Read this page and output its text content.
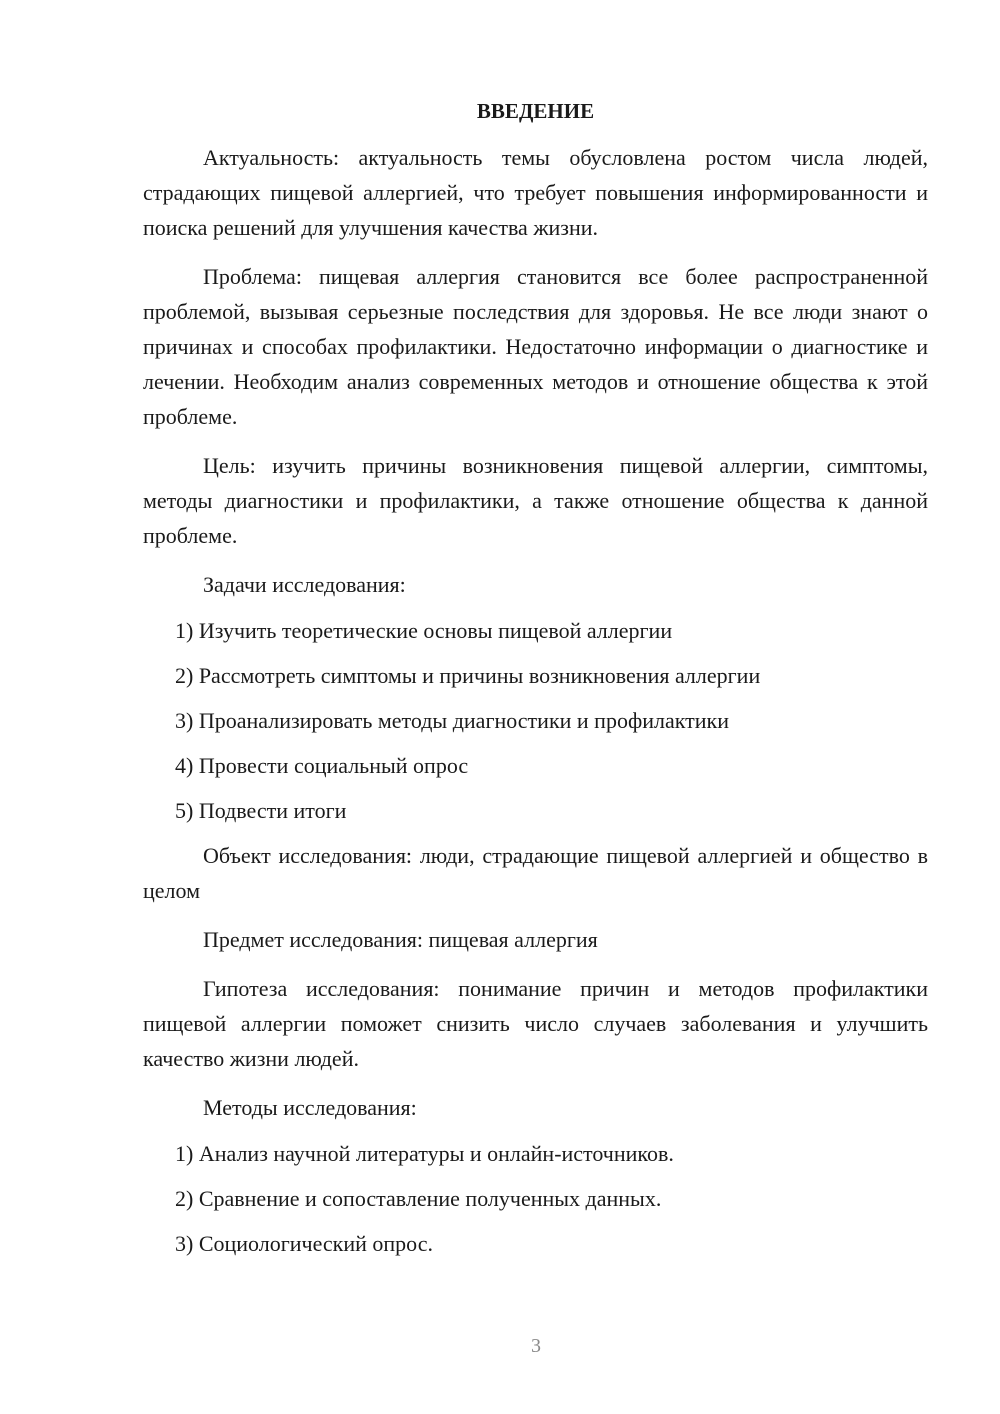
ВВЕДЕНИЕ

Актуальность: актуальность темы обусловлена ростом числа людей, страдающих пищевой аллергией, что требует повышения информированности и поиска решений для улучшения качества жизни.

Проблема: пищевая аллергия становится все более распространенной проблемой, вызывая серьезные последствия для здоровья. Не все люди знают о причинах и способах профилактики. Недостаточно информации о диагностике и лечении. Необходим анализ современных методов и отношение общества к этой проблеме.

Цель: изучить причины возникновения пищевой аллергии, симптомы, методы диагностики и профилактики, а также отношение общества к данной проблеме.

Задачи исследования:

1) Изучить теоретические основы пищевой аллергии
2) Рассмотреть симптомы и причины возникновения аллергии
3) Проанализировать методы диагностики и профилактики
4) Провести социальный опрос
5) Подвести итоги

Объект исследования: люди, страдающие пищевой аллергией и общество в целом

Предмет исследования: пищевая аллергия

Гипотеза исследования: понимание причин и методов профилактики пищевой аллергии поможет снизить число случаев заболевания и улучшить качество жизни людей.

Методы исследования:

1) Анализ научной литературы и онлайн-источников.
2) Сравнение и сопоставление полученных данных.
3) Социологический опрос.
3
